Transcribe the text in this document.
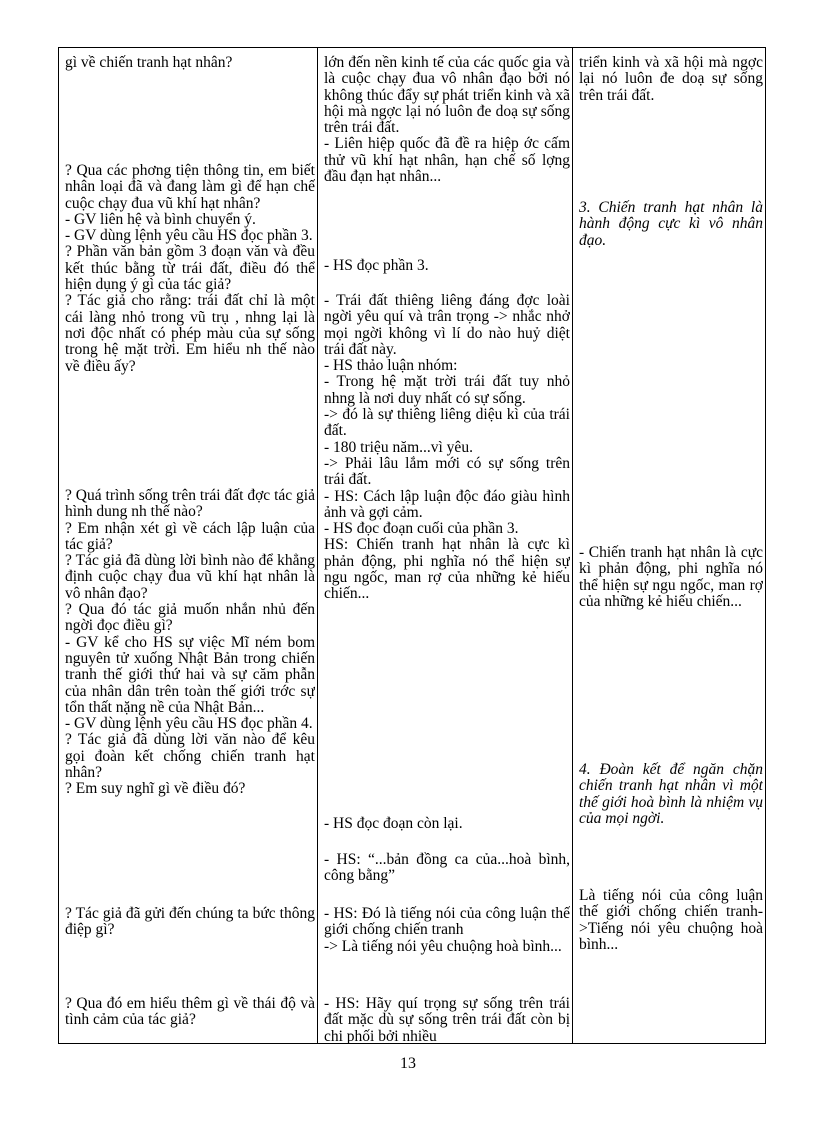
gì về chiến tranh hạt nhân?
? Qua các phơng tiện thông tin, em biết nhân loại đã và đang làm gì để hạn chế cuộc chạy đua vũ khí hạt nhân?
- GV liên hệ và bình chuyển ý.
- GV dùng lệnh yêu cầu HS đọc phần 3.
? Phần văn bản gồm 3 đoạn văn và đều kết thúc bằng từ trái đất, điều đó thể hiện dụng ý gì của tác giả?
? Tác giả cho rằng: trái đất chỉ là một cái làng nhỏ trong vũ trụ , nhng lại là nơi độc nhất có phép màu của sự sống trong hệ mặt trời. Em hiểu nh thế nào về điều ấy?
? Quá trình sống trên trái đất đợc tác giả hình dung nh thế nào?
? Em nhận xét gì về cách lập luận của tác giả?
? Tác giả đã dùng lời bình nào để khẳng định cuộc chạy đua vũ khí hạt nhân là vô nhân đạo?
? Qua đó tác giả muốn nhắn nhủ đến ngời đọc điều gì?
- GV kể cho HS sự việc Mĩ ném bom nguyên tử xuống Nhật Bản trong chiến tranh thế giới thứ hai và sự căm phẫn của nhân dân trên toàn thế giới trớc sự tổn thất nặng nề của Nhật Bản...
- GV dùng lệnh yêu cầu HS đọc phần 4.
? Tác giả đã dùng lời văn nào để kêu gọi đoàn kết chống chiến tranh hạt nhân?
? Em suy nghĩ gì về điều đó?
? Tác giả đã gửi đến chúng ta bức thông điệp gì?
? Qua đó em hiểu thêm gì về thái độ và tình cảm của tác giả?
lớn đến nền kinh tế của các quốc gia và là cuộc chạy đua vô nhân đạo bởi nó không thúc đẩy sự phát triển kinh và xã hội mà ngợc lại nó luôn đe doạ sự sống trên trái đất.
- Liên hiệp quốc đã đề ra hiệp ớc cấm thử vũ khí hạt nhân, hạn chế số lợng đầu đạn hạt nhân...
- HS đọc phần 3.
- Trái đất thiêng liêng đáng đợc loài ngời yêu quí và trân trọng -> nhắc nhở mọi ngời không vì lí do nào huỷ diệt trái đất này.
- HS thảo luận nhóm:
- Trong hệ mặt trời trái đất tuy nhỏ nhng là nơi duy nhất có sự sống.
-> đó là sự thiêng liêng diệu kì của trái đất.
- 180 triệu năm...vì yêu.
-> Phải lâu lắm mới có sự sống trên trái đất.
- HS: Cách lập luận độc đáo giàu hình ảnh và gợi cảm.
- HS đọc đoạn cuối của phần 3.
HS: Chiến tranh hạt nhân là cực kì phản động, phi nghĩa nó thể hiện sự ngu ngốc, man rợ của những kẻ hiếu chiến...
- HS đọc đoạn còn lại.
- HS: “...bản đồng ca của...hoà bình, công bằng”
- HS: Đó là tiếng nói của công luận thế giới chống chiến tranh
-> Là tiếng nói yêu chuộng hoà bình...
- HS: Hãy quí trọng sự sống trên trái đất mặc dù sự sống trên trái đất còn bị chi phối bởi nhiều
triển kinh và xã hội mà ngợc lại nó luôn đe doạ sự sống trên trái đất.
3. Chiến tranh hạt nhân là hành động cực kì vô nhân đạo.
- Chiến tranh hạt nhân là cực kì phản động, phi nghĩa nó thể hiện sự ngu ngốc, man rợ của những kẻ hiếu chiến...
4. Đoàn kết để ngăn chặn chiến tranh hạt nhân vì một thế giới hoà bình là nhiệm vụ của mọi ngời.
Là tiếng nói của công luận thế giới chống chiến tranh->Tiếng nói yêu chuộng hoà bình...
13
